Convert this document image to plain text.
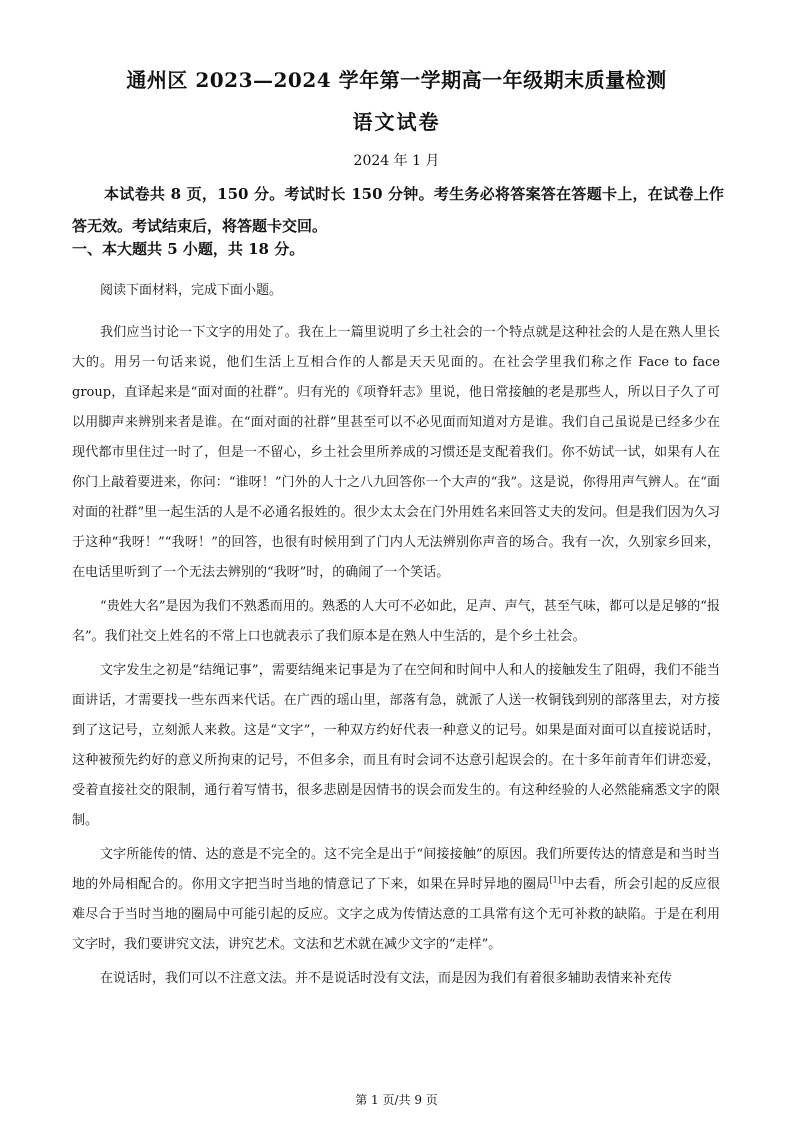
通州区 2023—2024 学年第一学期高一年级期末质量检测
语文试卷
2024 年 1 月

本试卷共 8 页，150 分。考试时长 150 分钟。考生务必将答案答在答题卡上，在试卷上作答无效。考试结束后，将答题卡交回。

一、本大题共 5 小题，共 18 分。

阅读下面材料，完成下面小题。

我们应当讨论一下文字的用处了。我在上一篇里说明了乡土社会的一个特点就是这种社会的人是在熟人里长大的。用另一句话来说，他们生活上互相合作的人都是天天见面的。在社会学里我们称之作 Face to face group，直译起来是“面对面的社群”。归有光的《项脊轩志》里说，他日常接触的老是那些人，所以日子久了可以用脚声来辨别来者是谁。在“面对面的社群”里甚至可以不必见面而知道对方是谁。我们自己虽说是已经多少在现代都市里住过一时了，但是一不留心，乡土社会里所养成的习惯还是支配着我们。你不妨试一试，如果有人在你门上敲着要进来，你问：“谁呀！”门外的人十之八九回答你一个大声的“我”。这是说，你得用声气辨人。在“面对面的社群”里一起生活的人是不必通名报姓的。很少太太会在门外用姓名来回答丈夫的发问。但是我们因为久习于这种“我呀！”“我呀！”的回答，也很有时候用到了门内人无法辨别你声音的场合。我有一次，久别家乡回来，在电话里听到了一个无法去辨别的“我呀”时，的确闹了一个笑话。

“贵姓大名”是因为我们不熟悉而用的。熟悉的人大可不必如此，足声、声气，甚至气味，都可以是足够的“报名”。我们社交上姓名的不常上口也就表示了我们原本是在熟人中生活的，是个乡土社会。

文字发生之初是“结绳记事”，需要结绳来记事是为了在空间和时间中人和人的接触发生了阻碍，我们不能当面讲话，才需要找一些东西来代话。在广西的瑶山里，部落有急，就派了人送一枚铜钱到别的部落里去，对方接到了这记号，立刻派人来救。这是“文字”，一种双方约好代表一种意义的记号。如果是面对面可以直接说话时，这种被预先约好的意义所拘束的记号，不但多余，而且有时会词不达意引起误会的。在十多年前青年们讲恋爱，受着直接社交的限制，通行着写情书，很多悲剧是因情书的误会而发生的。有这种经验的人必然能痛悉文字的限制。

文字所能传的情、达的意是不完全的。这不完全是出于“间接接触”的原因。我们所要传达的情意是和当时当地的外局相配合的。你用文字把当时当地的情意记了下来，如果在异时异地的圈局[1]中去看，所会引起的反应很难尽合于当时当地的圈局中可能引起的反应。文字之成为传情达意的工具常有这个无可补救的缺陷。于是在利用文字时，我们要讲究文法，讲究艺术。文法和艺术就在减少文字的“走样”。

在说话时，我们可以不注意文法。并不是说话时没有文法，而是因为我们有着很多辅助表情来补充传

第 1 页/共 9 页
